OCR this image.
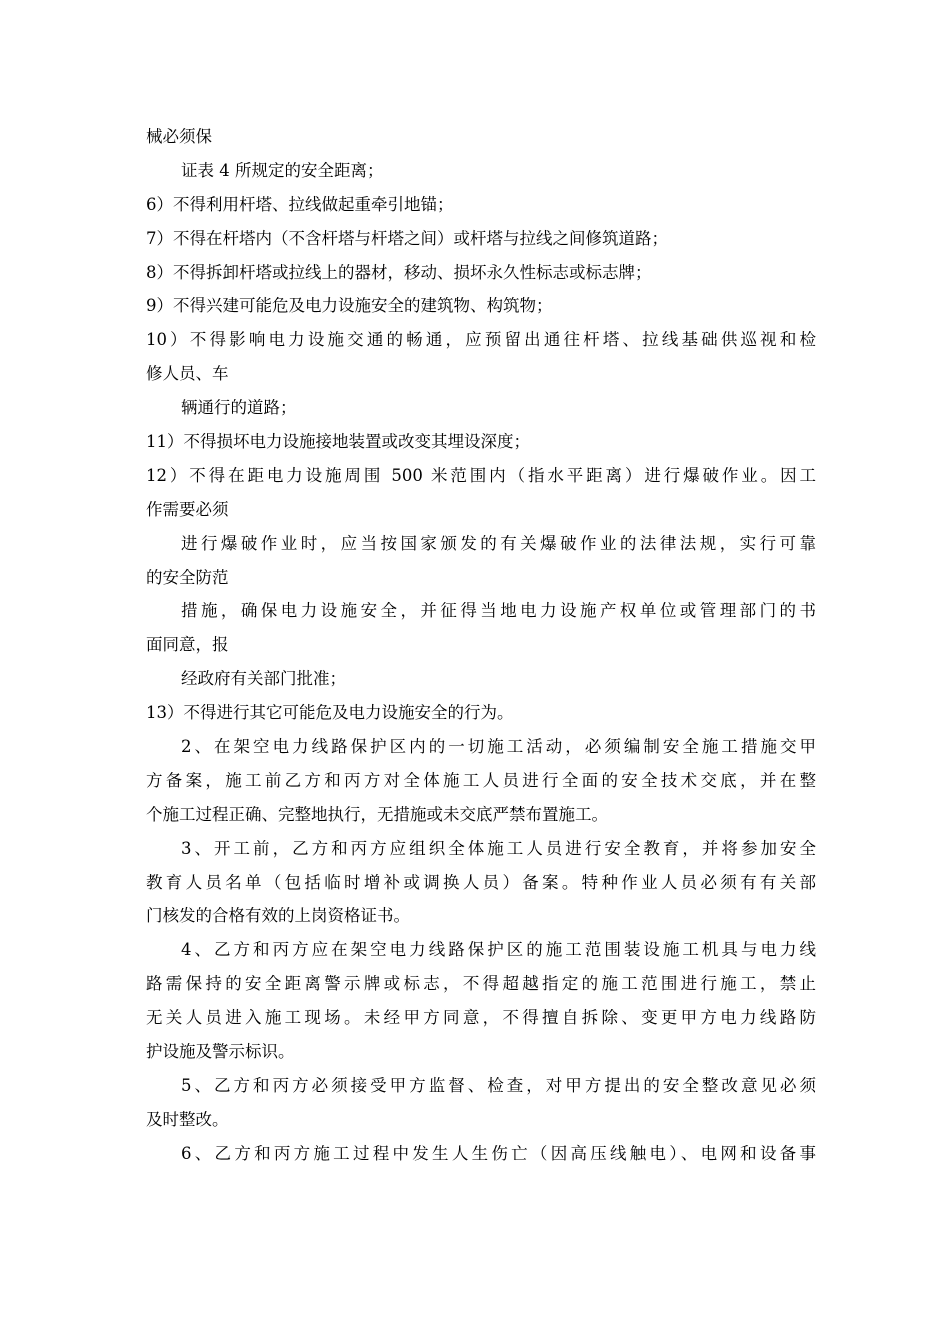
械必须保
证表 4 所规定的安全距离；
6）不得利用杆塔、拉线做起重牵引地锚；
7）不得在杆塔内（不含杆塔与杆塔之间）或杆塔与拉线之间修筑道路；
8）不得拆卸杆塔或拉线上的器材，移动、损坏永久性标志或标志牌；
9）不得兴建可能危及电力设施安全的建筑物、构筑物；
10）不得影响电力设施交通的畅通，应预留出通往杆塔、拉线基础供巡视和检
修人员、车
辆通行的道路；
11）不得损坏电力设施接地装置或改变其埋设深度；
12）不得在距电力设施周围 500 米范围内（指水平距离）进行爆破作业。因工
作需要必须
进行爆破作业时，应当按国家颁发的有关爆破作业的法律法规，实行可靠
的安全防范
措施，确保电力设施安全，并征得当地电力设施产权单位或管理部门的书
面同意，报
经政府有关部门批准；
13）不得进行其它可能危及电力设施安全的行为。
2、在架空电力线路保护区内的一切施工活动，必须编制安全施工措施交甲
方备案，施工前乙方和丙方对全体施工人员进行全面的安全技术交底，并在整
个施工过程正确、完整地执行，无措施或未交底严禁布置施工。
3、开工前，乙方和丙方应组织全体施工人员进行安全教育，并将参加安全
教育人员名单（包括临时增补或调换人员）备案。特种作业人员必须有有关部
门核发的合格有效的上岗资格证书。
4、乙方和丙方应在架空电力线路保护区的施工范围装设施工机具与电力线
路需保持的安全距离警示牌或标志，不得超越指定的施工范围进行施工，禁止
无关人员进入施工现场。未经甲方同意，不得擅自拆除、变更甲方电力线路防
护设施及警示标识。
5、乙方和丙方必须接受甲方监督、检查，对甲方提出的安全整改意见必须
及时整改。
6、乙方和丙方施工过程中发生人生伤亡（因高压线触电）、电网和设备事
